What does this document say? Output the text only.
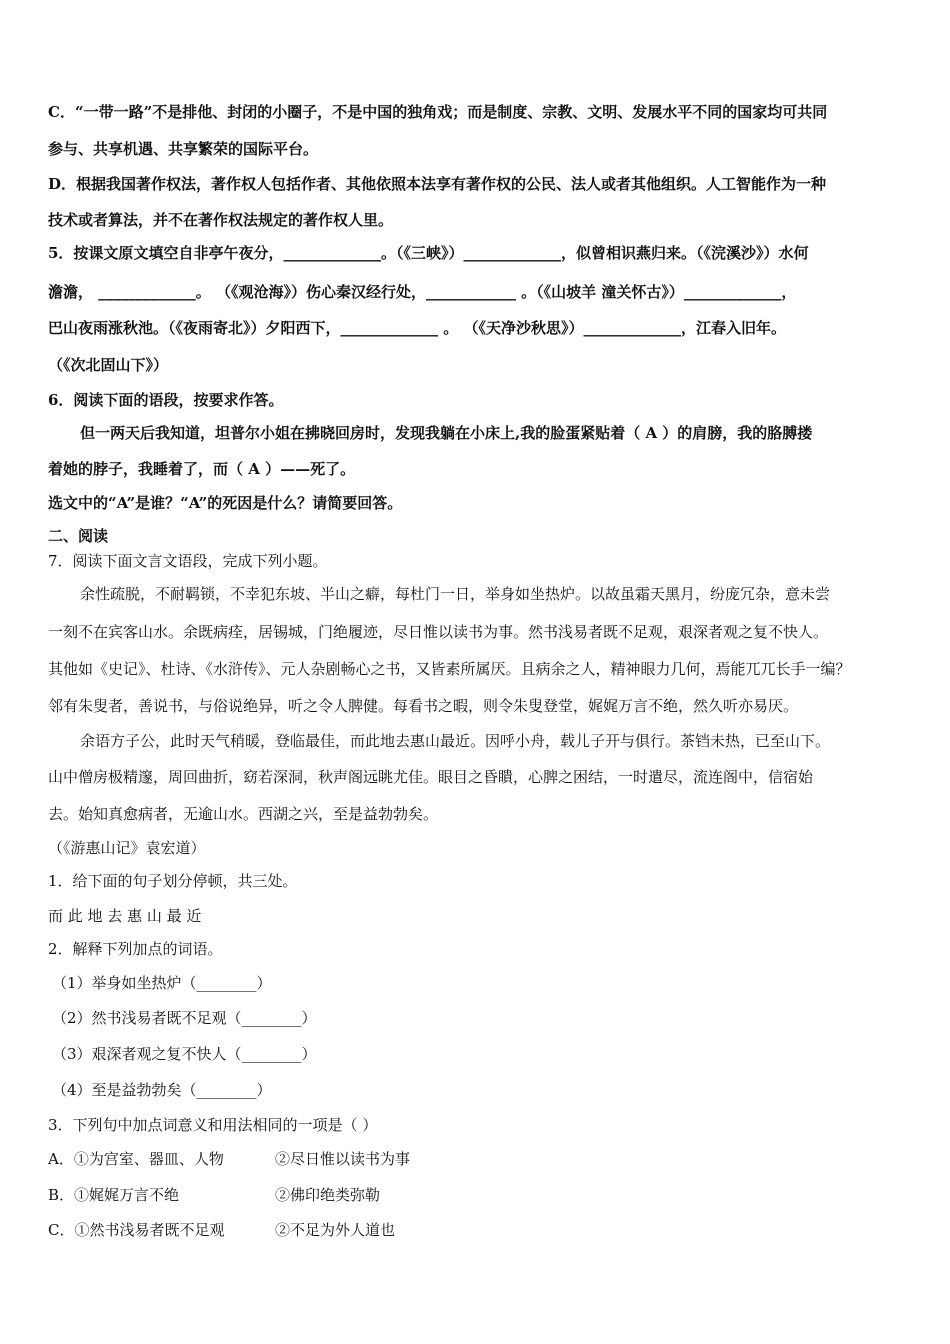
C．“一带一路”不是排他、封闭的小圈子，不是中国的独角戏；而是制度、宗教、文明、发展水平不同的国家均可共同
参与、共享机遇、共享繁荣的国际平台。
D．根据我国著作权法，著作权人包括作者、其他依照本法享有著作权的公民、法人或者其他组织。人工智能作为一种
技术或者算法，并不在著作权法规定的著作权人里。
5．按课文原文填空自非亭午夜分，_____________。（《三峡》）_____________，似曾相识燕归来。（《浣溪沙》）水何
澹澹， _____________。 （《观沧海》）伤心秦汉经行处，____________ 。（《山坡羊 潼关怀古》）_____________，
巴山夜雨涨秋池。（《夜雨寄北》）夕阳西下，_____________ 。 （《天净沙秋思》）_____________，江春入旧年。
（《次北固山下》）
6．阅读下面的语段，按要求作答。
但一两天后我知道，坦普尔小姐在拂晓回房时，发现我躺在小床上,我的脸蛋紧贴着（ A ）的肩膀，我的胳膊搂
着她的脖子，我睡着了，而（ A ）——死了。
选文中的“A”是谁？“A”的死因是什么？请简要回答。
二、阅读
7．阅读下面文言文语段，完成下列小题。
余性疏脱，不耐羁锁，不幸犯东坡、半山之癖，每杜门一日，举身如坐热炉。以故虽霜天黑月，纷庞冗杂，意未尝
一刻不在宾客山水。余既病痊，居锡城，门绝履迹，尽日惟以读书为事。然书浅易者既不足观，艰深者观之复不快人。
其他如《史记》、杜诗、《水浒传》、元人杂剧畅心之书，又皆素所属厌。且病余之人，精神眼力几何，焉能兀兀长手一编？
邻有朱叟者，善说书，与俗说绝异，听之令人脾健。每看书之暇，则令朱叟登堂，娓娓万言不绝，然久听亦易厌。
余语方子公，此时天气稍暖，登临最佳，而此地去惠山最近。因呼小舟，载儿子开与俱行。茶铛未热，已至山下。
山中僧房极精邃，周回曲折，窈若深洞，秋声阁远眺尤佳。眼目之昏瞶，心脾之困结，一时遣尽，流连阁中，信宿始
去。始知真愈病者，无逾山水。西湖之兴，至是益勃勃矣。
（《游惠山记》袁宏道）
1．给下面的句子划分停顿，共三处。
而 此 地 去 惠 山 最 近
2．解释下列加点的词语。
（1）举身如坐热炉（________）
（2）然书浅易者既不足观（________）
（3）艰深者观之复不快人（________）
（4）至是益勃勃矣（________）
3．下列句中加点词意义和用法相同的一项是（ ）
A．①为宫室、器皿、人物	②尽日惟以读书为事
B．①娓娓万言不绝	②佛印绝类弥勒
C．①然书浅易者既不足观	②不足为外人道也
